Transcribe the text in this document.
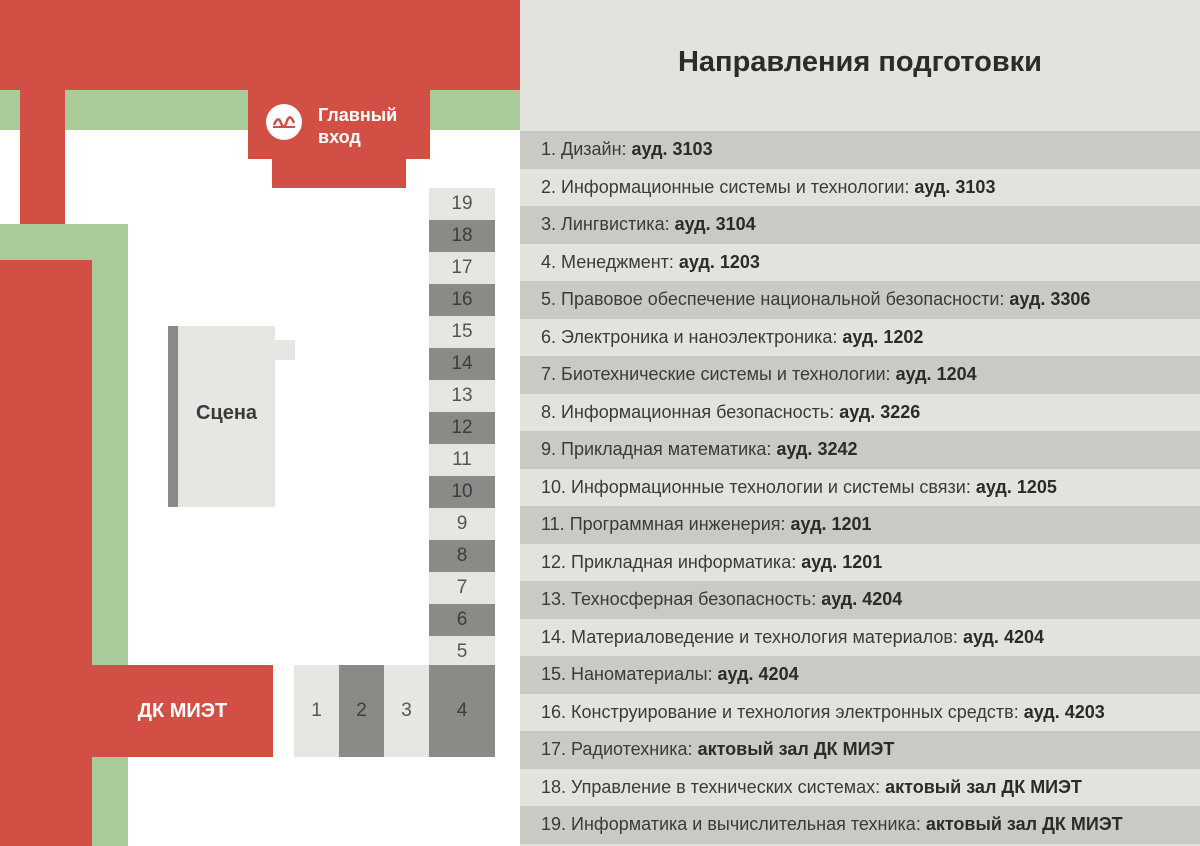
Главный
вход
Сцена
ДК МИЭТ
19
18
17
16
15
14
13
12
11
10
9
8
7
6
5
1	2	3	4
Направления подготовки
1. Дизайн: ауд. 3103
2. Информационные системы и технологии: ауд. 3103
3. Лингвистика: ауд. 3104
4. Менеджмент: ауд. 1203
5. Правовое обеспечение национальной безопасности: ауд. 3306
6. Электроника и наноэлектроника: ауд. 1202
7. Биотехнические системы и технологии: ауд. 1204
8. Информационная безопасность: ауд. 3226
9. Прикладная математика: ауд. 3242
10. Информационные технологии и системы связи: ауд. 1205
11. Программная инженерия: ауд. 1201
12. Прикладная информатика: ауд. 1201
13. Техносферная безопасность: ауд. 4204
14. Материаловедение и технология материалов: ауд. 4204
15. Наноматериалы: ауд. 4204
16. Конструирование и технология электронных средств: ауд. 4203
17. Радиотехника: актовый зал ДК МИЭТ
18. Управление в технических системах: актовый зал ДК МИЭТ
19. Информатика и вычислительная техника: актовый зал ДК МИЭТ
